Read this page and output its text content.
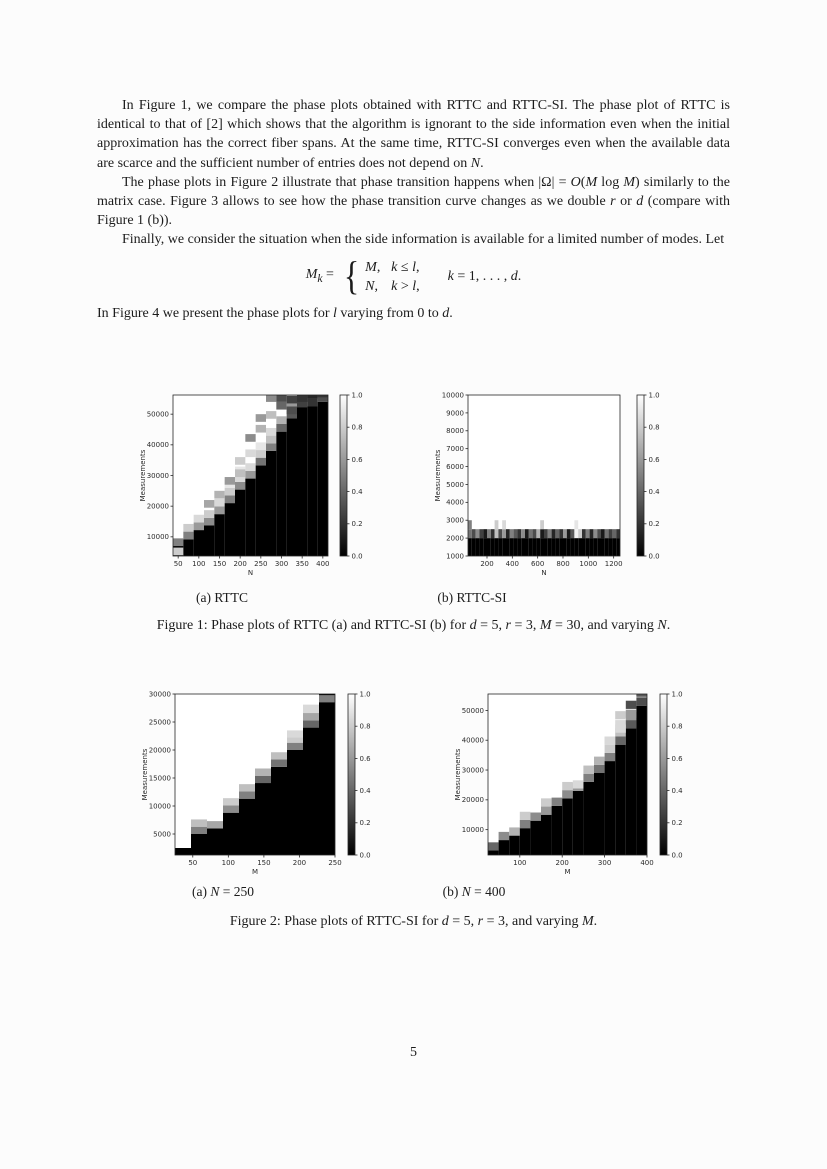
In Figure 1, we compare the phase plots obtained with RTTC and RTTC-SI. The phase plot of RTTC is identical to that of [2] which shows that the algorithm is ignorant to the side information even when the initial approximation has the correct fiber spans. At the same time, RTTC-SI converges even when the available data are scarce and the sufficient number of entries does not depend on N.

The phase plots in Figure 2 illustrate that phase transition happens when |Ω| = O(M log M) similarly to the matrix case. Figure 3 allows to see how the phase transition curve changes as we double r or d (compare with Figure 1 (b)).

Finally, we consider the situation when the side information is available for a limited number of modes. Let

$M_k$ = { M, k ≤ l,
N, k > l,
k = 1, . . . , d.

In Figure 4 we present the phase plots for l varying from 0 to d.

50 100 150 200 250 300 350 400
10000
20000
30000
40000
50000
N
Measurements
0.0
0.2
0.4
0.6
0.8
1.0
200 400 600 800 1000 1200
1000
2000
3000
4000
5000
6000
7000
8000
9000
10000
N
Measurements
0.0
0.2
0.4
0.6
0.8
1.0
(a) RTTC	(b) RTTC-SI

Figure 1: Phase plots of RTTC (a) and RTTC-SI (b) for d = 5, r = 3, M = 30, and varying N.

50	100	150	200	250
5000
10000
15000
20000
25000
30000
M
Measurements
0.0
0.2
0.4
0.6
0.8
1.0
100	200	300	400
10000
20000
30000
40000
50000
M
Measurements
0.0
0.2
0.4
0.6
0.8
1.0
(a) N = 250	(b) N = 400

Figure 2: Phase plots of RTTC-SI for d = 5, r = 3, and varying M.

5
